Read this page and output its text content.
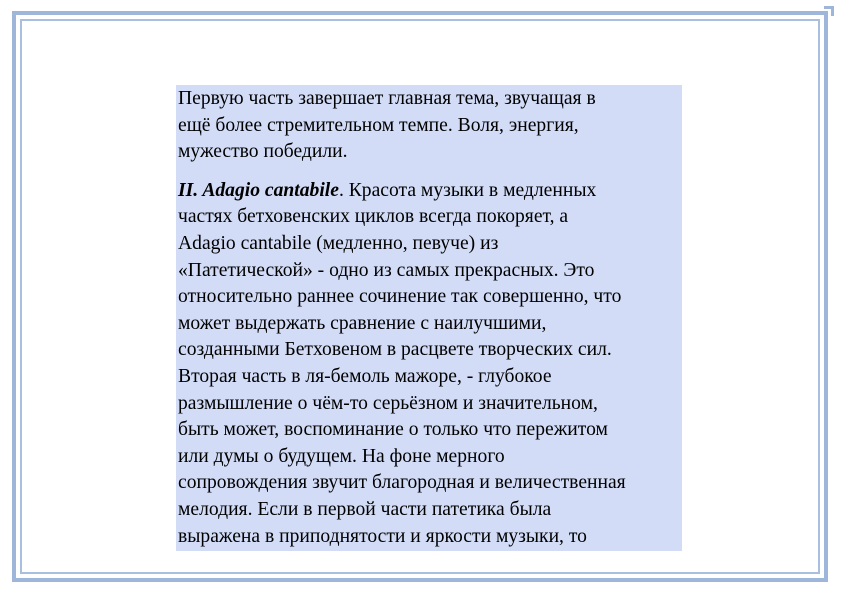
Первую часть завершает главная тема, звучащая в
ещё более стремительном темпе. Воля, энергия,
мужество победили.

II. Adagio cantabile. Красота музыки в медленных
частях бетховенских циклов всегда покоряет, а
Adagio cantabile (медленно, певуче) из
«Патетической» - одно из самых прекрасных. Это
относительно раннее сочинение так совершенно, что
может выдержать сравнение с наилучшими,
созданными Бетховеном в расцвете творческих сил.
Вторая часть в ля-бемоль мажоре, - глубокое
размышление о чём-то серьёзном и значительном,
быть может, воспоминание о только что пережитом
или думы о будущем. На фоне мерного
сопровождения звучит благородная и величественная
мелодия. Если в первой части патетика была
выражена в приподнятости и яркости музыки, то
